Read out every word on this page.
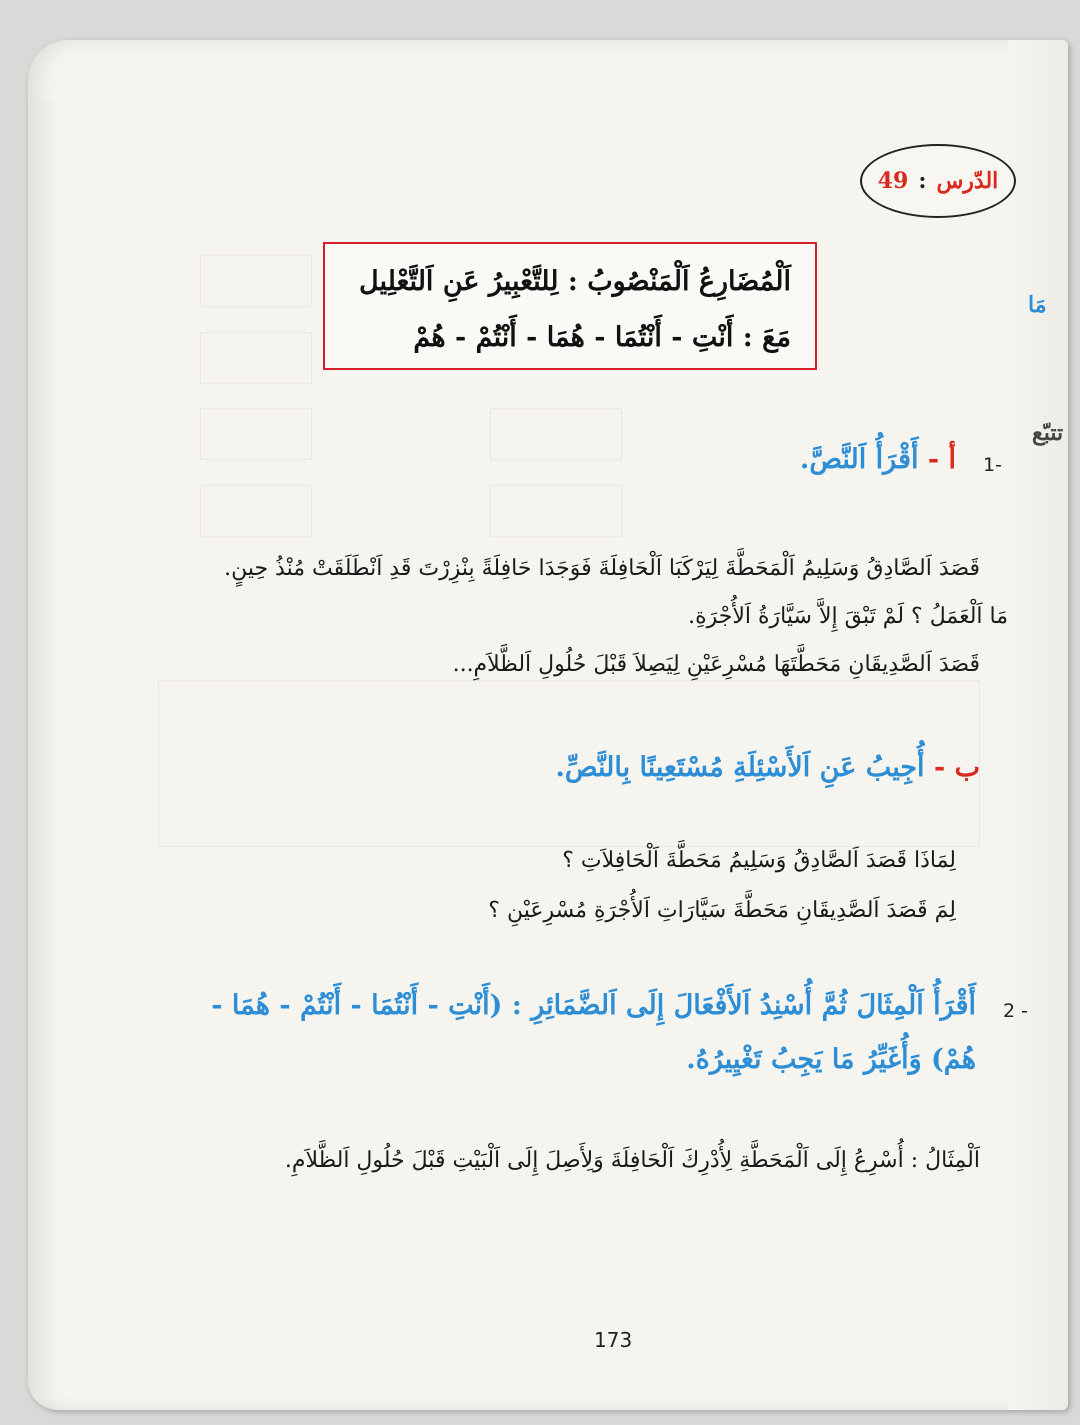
مَا
تتبّع
الدّرس
:
49
اَلْمُضَارِعُ اَلْمَنْصُوبُ : لِلتَّعْبِيرُ عَنِ اَلتَّعْلِيل
مَعَ : أَنْتِ - أَنْتُمَا - هُمَا - أَنْتُمْ - هُمْ
1-
أ - أَقْرَأُ اَلنَّصَّ.
قَصَدَ اَلصَّادِقُ وَسَلِيمُ اَلْمَحَطَّةَ لِيَرْكَبَا اَلْحَافِلَةَ فَوَجَدَا حَافِلَةً بِنْزِرْتَ قَدِ اَنْطَلَقَتْ مُنْذُ حِينٍ.
مَا اَلْعَمَلُ ؟ لَمْ تَبْقَ إِلاَّ سَيَّارَةُ اَلأُجْرَةِ.
قَصَدَ اَلصَّدِيقَانِ مَحَطَّتَهَا مُسْرِعَيْنِ لِيَصِلاَ قَبْلَ حُلُولِ اَلظَّلاَمِ...
ب - أُجِيبُ عَنِ اَلأَسْئِلَةِ مُسْتَعِينًا بِالنَّصِّ.
لِمَاذَا قَصَدَ اَلصَّادِقُ وَسَلِيمُ مَحَطَّةَ اَلْحَافِلاَتِ ؟
لِمَ قَصَدَ اَلصَّدِيقَانِ مَحَطَّةَ سَيَّارَاتِ اَلأُجْرَةِ مُسْرِعَيْنِ ؟
2 -
أَقْرَأُ اَلْمِثَالَ ثُمَّ أُسْنِدُ اَلأَفْعَالَ إِلَى اَلضَّمَائِرِ : (أَنْتِ - أَنْتُمَا - أَنْتُمْ - هُمَا -
هُمْ) وَأُغَيِّرُ مَا يَجِبُ تَغْيِيرُهُ.
اَلْمِثَالُ : أُسْرِعُ إِلَى اَلْمَحَطَّةِ لِأُدْرِكَ اَلْحَافِلَةَ وَلِأَصِلَ إِلَى اَلْبَيْتِ قَبْلَ حُلُولِ اَلظَّلاَمِ.
173
